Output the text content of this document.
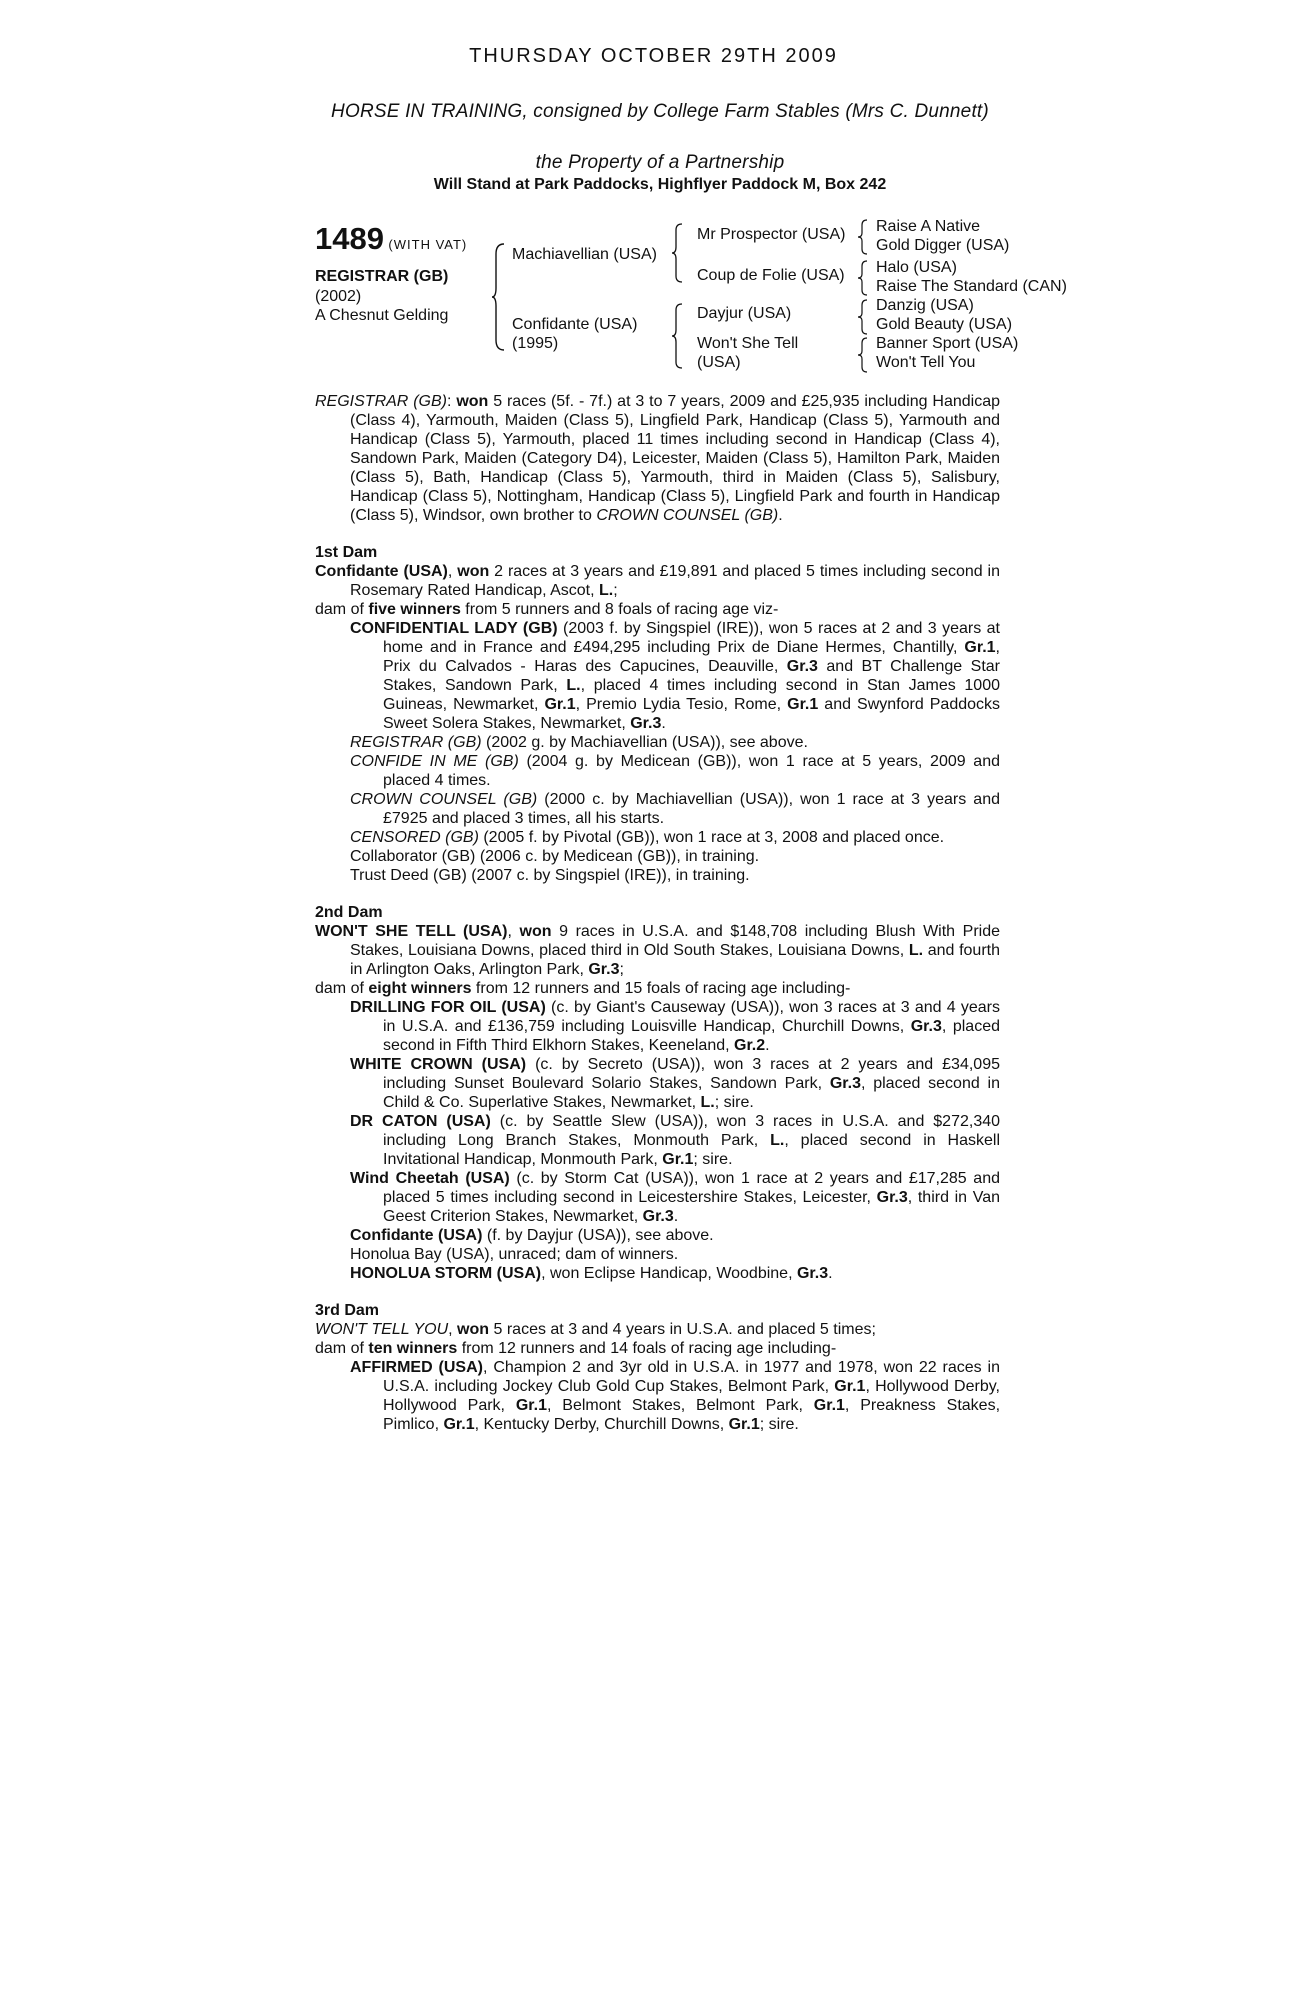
THURSDAY OCTOBER 29TH 2009
HORSE IN TRAINING, consigned by College Farm Stables (Mrs C. Dunnett)
the Property of a Partnership
Will Stand at Park Paddocks, Highflyer Paddock M, Box 242
1489 (WITH VAT)
REGISTRAR (GB)
(2002)
A Chesnut Gelding
Machiavellian (USA)
Confidante (USA)
(1995)
Mr Prospector (USA)
Coup de Folie (USA)
Dayjur (USA)
Won't She Tell
(USA)
Raise A Native
Gold Digger (USA)
Halo (USA)
Raise The Standard (CAN)
Danzig (USA)
Gold Beauty (USA)
Banner Sport (USA)
Won't Tell You

REGISTRAR (GB): won 5 races (5f. - 7f.) at 3 to 7 years, 2009 and £25,935 including Handicap (Class 4), Yarmouth, Maiden (Class 5), Lingfield Park, Handicap (Class 5), Yarmouth and Handicap (Class 5), Yarmouth, placed 11 times including second in Handicap (Class 4), Sandown Park, Maiden (Category D4), Leicester, Maiden (Class 5), Hamilton Park, Maiden (Class 5), Bath, Handicap (Class 5), Yarmouth, third in Maiden (Class 5), Salisbury, Handicap (Class 5), Nottingham, Handicap (Class 5), Lingfield Park and fourth in Handicap (Class 5), Windsor, own brother to CROWN COUNSEL (GB).

1st Dam

Confidante (USA), won 2 races at 3 years and £19,891 and placed 5 times including second in Rosemary Rated Handicap, Ascot, L.;

dam of five winners from 5 runners and 8 foals of racing age viz-

CONFIDENTIAL LADY (GB) (2003 f. by Singspiel (IRE)), won 5 races at 2 and 3 years at home and in France and £494,295 including Prix de Diane Hermes, Chantilly, Gr.1, Prix du Calvados - Haras des Capucines, Deauville, Gr.3 and BT Challenge Star Stakes, Sandown Park, L., placed 4 times including second in Stan James 1000 Guineas, Newmarket, Gr.1, Premio Lydia Tesio, Rome, Gr.1 and Swynford Paddocks Sweet Solera Stakes, Newmarket, Gr.3.

REGISTRAR (GB) (2002 g. by Machiavellian (USA)), see above.

CONFIDE IN ME (GB) (2004 g. by Medicean (GB)), won 1 race at 5 years, 2009 and placed 4 times.

CROWN COUNSEL (GB) (2000 c. by Machiavellian (USA)), won 1 race at 3 years and £7925 and placed 3 times, all his starts.

CENSORED (GB) (2005 f. by Pivotal (GB)), won 1 race at 3, 2008 and placed once.

Collaborator (GB) (2006 c. by Medicean (GB)), in training.

Trust Deed (GB) (2007 c. by Singspiel (IRE)), in training.

2nd Dam

WON'T SHE TELL (USA), won 9 races in U.S.A. and $148,708 including Blush With Pride Stakes, Louisiana Downs, placed third in Old South Stakes, Louisiana Downs, L. and fourth in Arlington Oaks, Arlington Park, Gr.3;

dam of eight winners from 12 runners and 15 foals of racing age including-

DRILLING FOR OIL (USA) (c. by Giant's Causeway (USA)), won 3 races at 3 and 4 years in U.S.A. and £136,759 including Louisville Handicap, Churchill Downs, Gr.3, placed second in Fifth Third Elkhorn Stakes, Keeneland, Gr.2.

WHITE CROWN (USA) (c. by Secreto (USA)), won 3 races at 2 years and £34,095 including Sunset Boulevard Solario Stakes, Sandown Park, Gr.3, placed second in Child & Co. Superlative Stakes, Newmarket, L.; sire.

DR CATON (USA) (c. by Seattle Slew (USA)), won 3 races in U.S.A. and $272,340 including Long Branch Stakes, Monmouth Park, L., placed second in Haskell Invitational Handicap, Monmouth Park, Gr.1; sire.

Wind Cheetah (USA) (c. by Storm Cat (USA)), won 1 race at 2 years and £17,285 and placed 5 times including second in Leicestershire Stakes, Leicester, Gr.3, third in Van Geest Criterion Stakes, Newmarket, Gr.3.

Confidante (USA) (f. by Dayjur (USA)), see above.

Honolua Bay (USA), unraced; dam of winners.

HONOLUA STORM (USA), won Eclipse Handicap, Woodbine, Gr.3.

3rd Dam

WON'T TELL YOU, won 5 races at 3 and 4 years in U.S.A. and placed 5 times;

dam of ten winners from 12 runners and 14 foals of racing age including-

AFFIRMED (USA), Champion 2 and 3yr old in U.S.A. in 1977 and 1978, won 22 races in U.S.A. including Jockey Club Gold Cup Stakes, Belmont Park, Gr.1, Hollywood Derby, Hollywood Park, Gr.1, Belmont Stakes, Belmont Park, Gr.1, Preakness Stakes, Pimlico, Gr.1, Kentucky Derby, Churchill Downs, Gr.1; sire.
